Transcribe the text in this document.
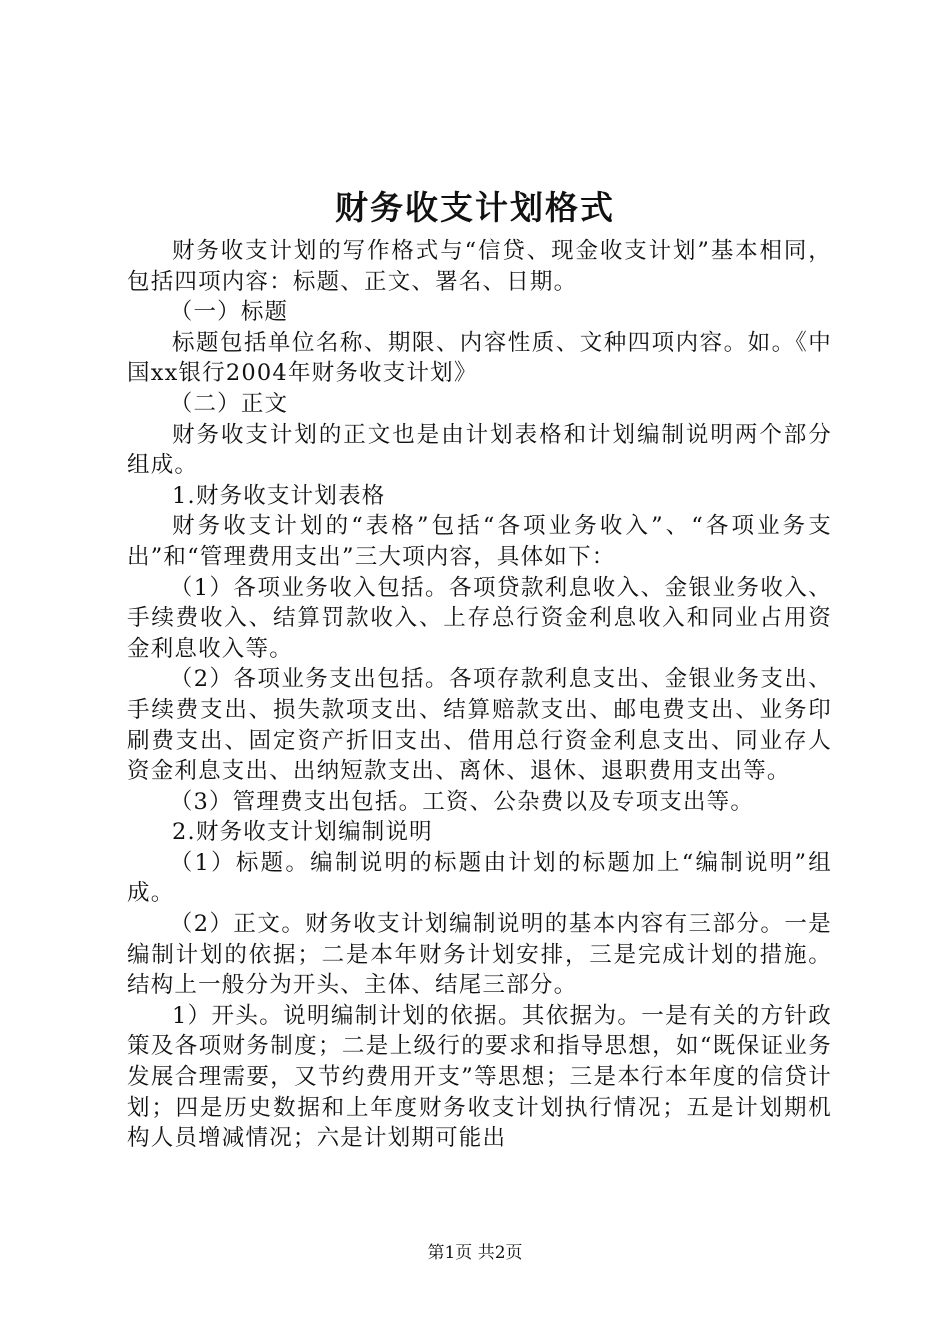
财务收支计划格式

财务收支计划的写作格式与“信贷、现金收支计划”基本相同，包括四项内容：标题、正文、署名、日期。

（一）标题

标题包括单位名称、期限、内容性质、文种四项内容。如。《中国xx银行2004年财务收支计划》

（二）正文

财务收支计划的正文也是由计划表格和计划编制说明两个部分组成。

1.财务收支计划表格

财务收支计划的“表格”包括“各项业务收入”、“各项业务支出”和“管理费用支出”三大项内容，具体如下：

（1）各项业务收入包括。各项贷款利息收入、金银业务收入、手续费收入、结算罚款收入、上存总行资金利息收入和同业占用资金利息收入等。

（2）各项业务支出包括。各项存款利息支出、金银业务支出、手续费支出、损失款项支出、结算赔款支出、邮电费支出、业务印刷费支出、固定资产折旧支出、借用总行资金利息支出、同业存人资金利息支出、出纳短款支出、离休、退休、退职费用支出等。

（3）管理费支出包括。工资、公杂费以及专项支出等。

2.财务收支计划编制说明

（1）标题。编制说明的标题由计划的标题加上“编制说明”组成。

（2）正文。财务收支计划编制说明的基本内容有三部分。一是编制计划的依据；二是本年财务计划安排，三是完成计划的措施。结构上一般分为开头、主体、结尾三部分。

1）开头。说明编制计划的依据。其依据为。一是有关的方针政策及各项财务制度；二是上级行的要求和指导思想，如“既保证业务发展合理需要，又节约费用开支”等思想；三是本行本年度的信贷计划；四是历史数据和上年度财务收支计划执行情况；五是计划期机构人员增减情况；六是计划期可能出

第1页 共2页
